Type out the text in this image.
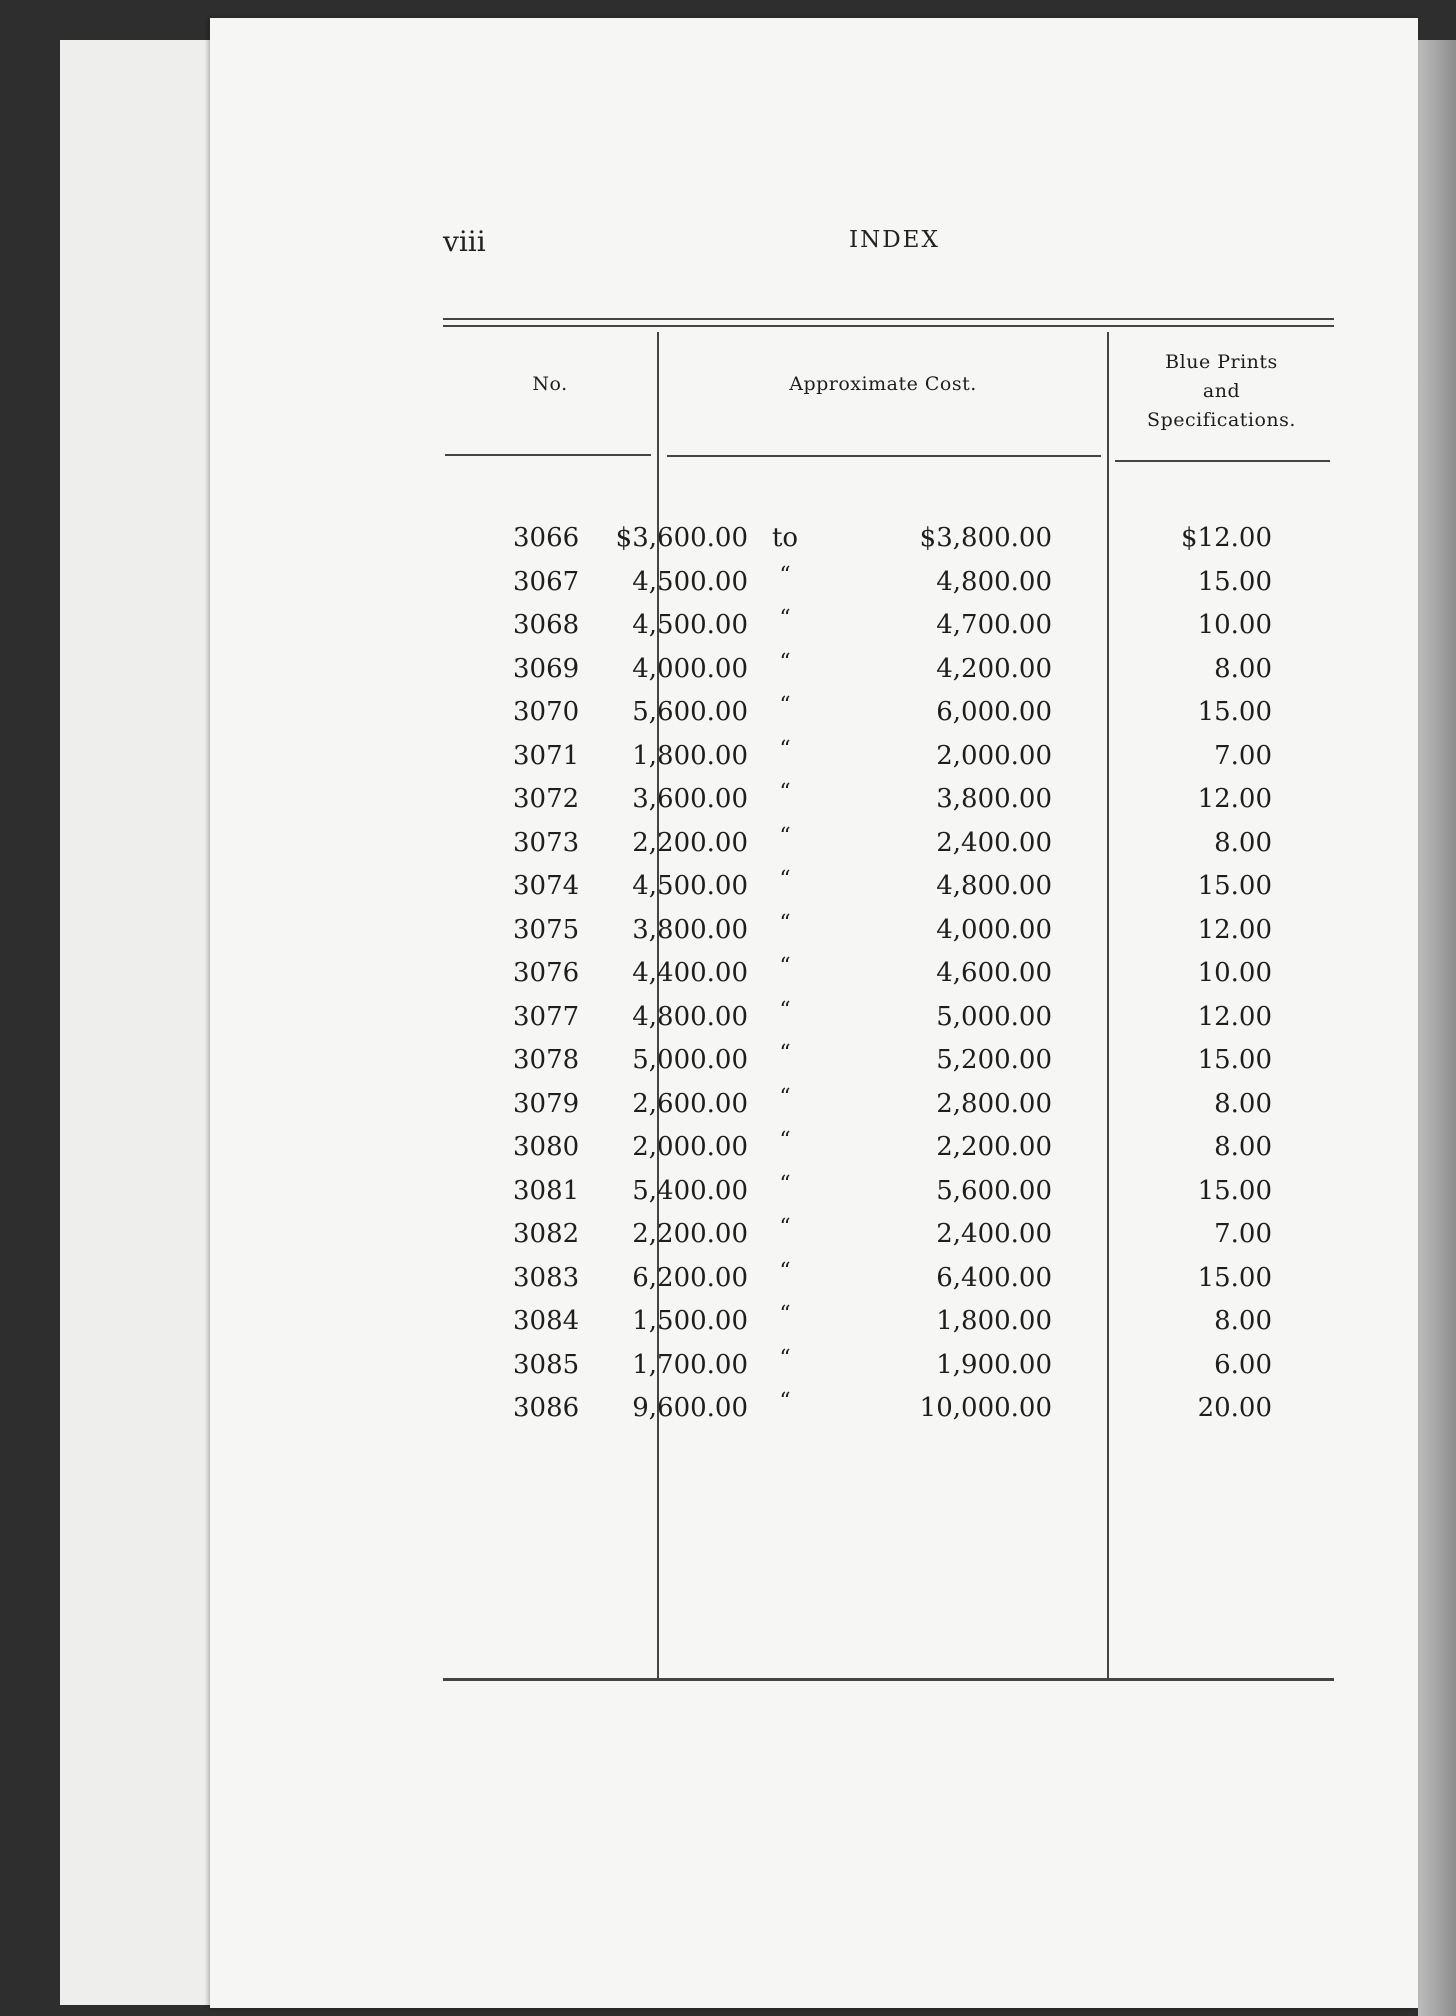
viii	INDEX
No.	Approximate Cost.
Blue Prints
and
Specifications.
3066 $3,600.00 to	$3,800.00	$12.00
3067 4,500.00	“	4,800.00	15.00
3068 4,500.00	“	4,700.00	10.00
3069 4,000.00	“	4,200.00	8.00
3070 5,600.00	“	6,000.00	15.00
3071 1,800.00	“	2,000.00	7.00
3072 3,600.00	“	3,800.00	12.00
3073 2,200.00	“	2,400.00	8.00
3074 4,500.00	“	4,800.00	15.00
3075 3,800.00	“	4,000.00	12.00
3076 4,400.00	“	4,600.00	10.00
3077 4,800.00	“	5,000.00	12.00
3078 5,000.00	“	5,200.00	15.00
3079 2,600.00	“	2,800.00	8.00
3080 2,000.00	“	2,200.00	8.00
3081 5,400.00	“	5,600.00	15.00
3082 2,200.00	“	2,400.00	7.00
3083 6,200.00	“	6,400.00	15.00
3084 1,500.00	“	1,800.00	8.00
3085 1,700.00	“	1,900.00	6.00
3086 9,600.00	“	10,000.00	20.00
